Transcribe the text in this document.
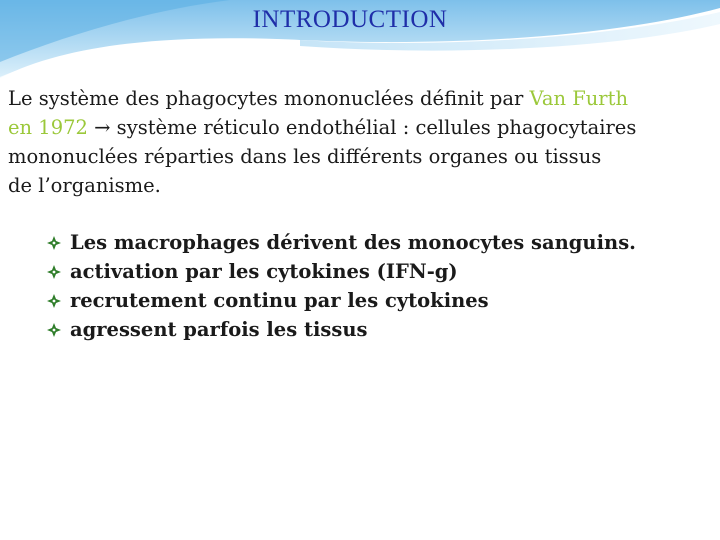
INTRODUCTION
Le système des phagocytes mononuclées définit par Van Furth
en 1972 → système réticulo endothélial : cellules phagocytaires
mononuclées réparties dans les différents organes ou tissus
de l’organisme.
Les macrophages dérivent des monocytes sanguins.
activation par les cytokines (IFN-g)
recrutement continu par les cytokines
agressent parfois les tissus
